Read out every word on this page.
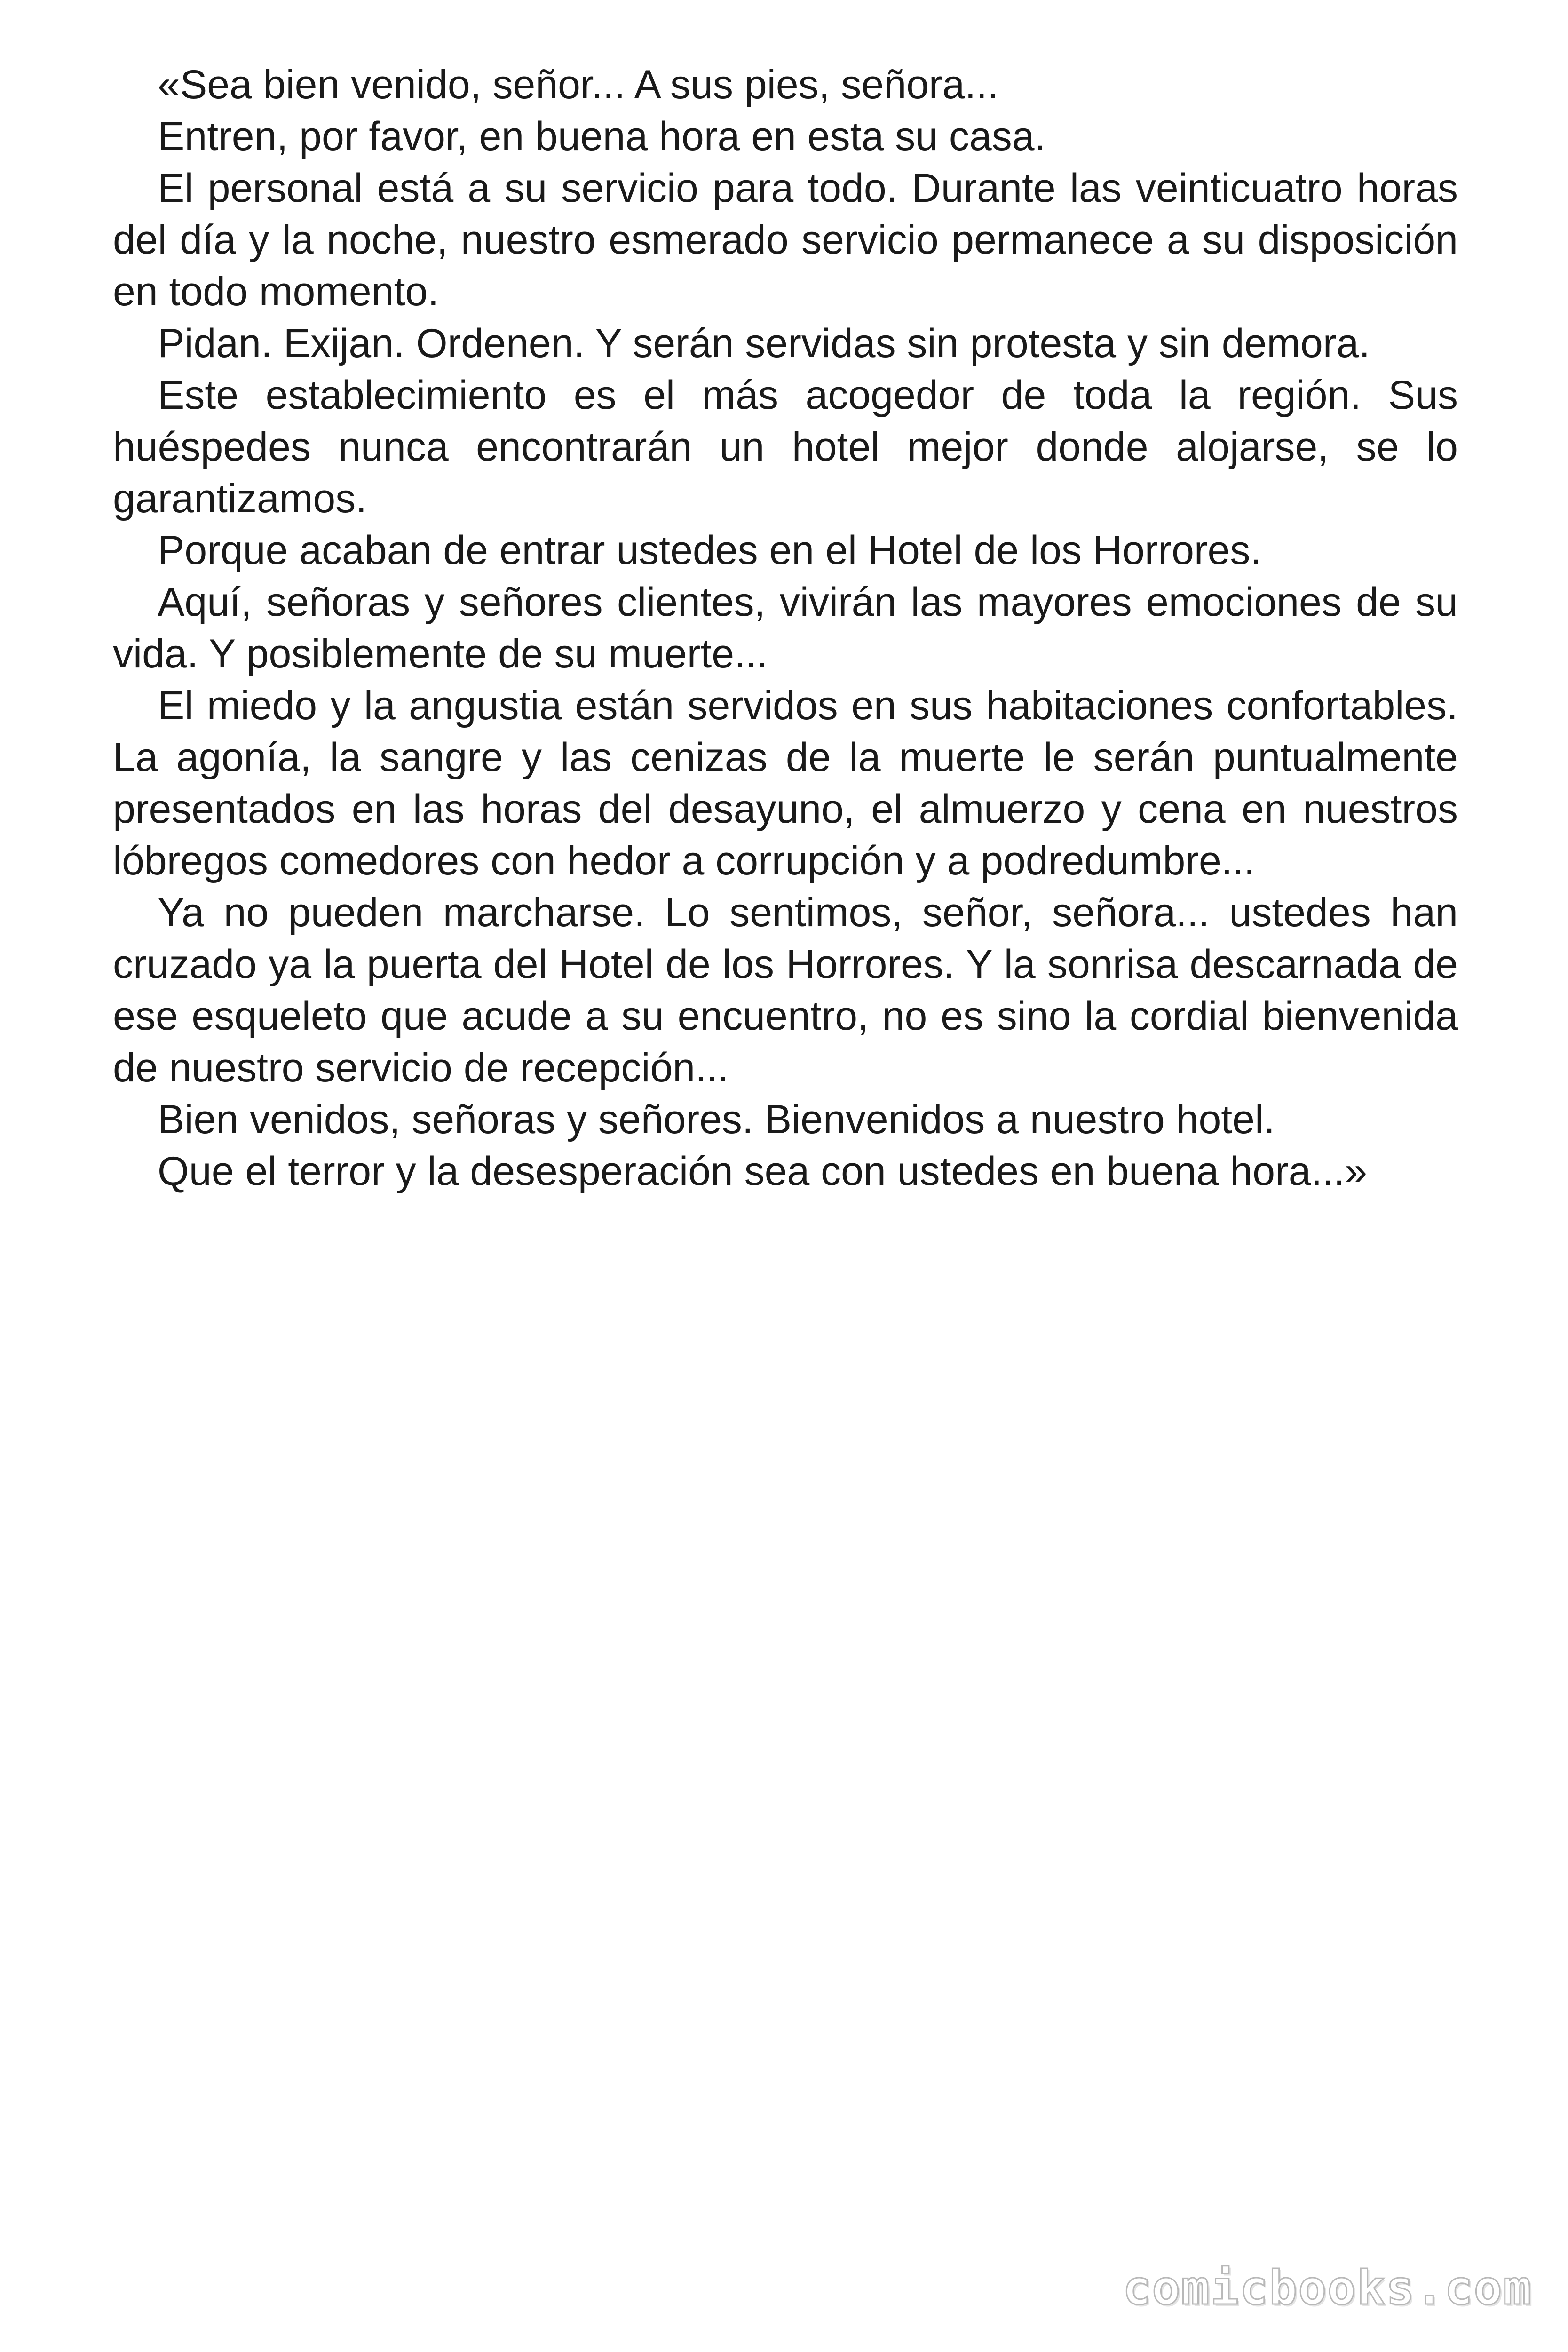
«Sea bien venido, señor... A sus pies, señora...

Entren, por favor, en buena hora en esta su casa.

El personal está a su servicio para todo. Durante las veinticuatro horas del día y la noche, nuestro esmerado servicio permanece a su disposición en todo momento.

Pidan. Exijan. Ordenen. Y serán servidas sin protesta y sin demora.

Este establecimiento es el más acogedor de toda la región. Sus huéspedes nunca encontrarán un hotel mejor donde alojarse, se lo garantizamos.

Porque acaban de entrar ustedes en el Hotel de los Horrores.

Aquí, señoras y señores clientes, vivirán las mayores emociones de su vida. Y posiblemente de su muerte...

El miedo y la angustia están servidos en sus habitaciones confortables. La agonía, la sangre y las cenizas de la muerte le serán puntualmente presentados en las horas del desayuno, el almuerzo y cena en nuestros lóbregos comedores con hedor a corrupción y a podredumbre...

Ya no pueden marcharse. Lo sentimos, señor, señora... ustedes han cruzado ya la puerta del Hotel de los Horrores. Y la sonrisa descarnada de ese esqueleto que acude a su encuentro, no es sino la cordial bienvenida de nuestro servicio de recepción...

Bien venidos, señoras y señores. Bienvenidos a nuestro hotel.

Que el terror y la desesperación sea con ustedes en buena hora...»

comicbooks.com
